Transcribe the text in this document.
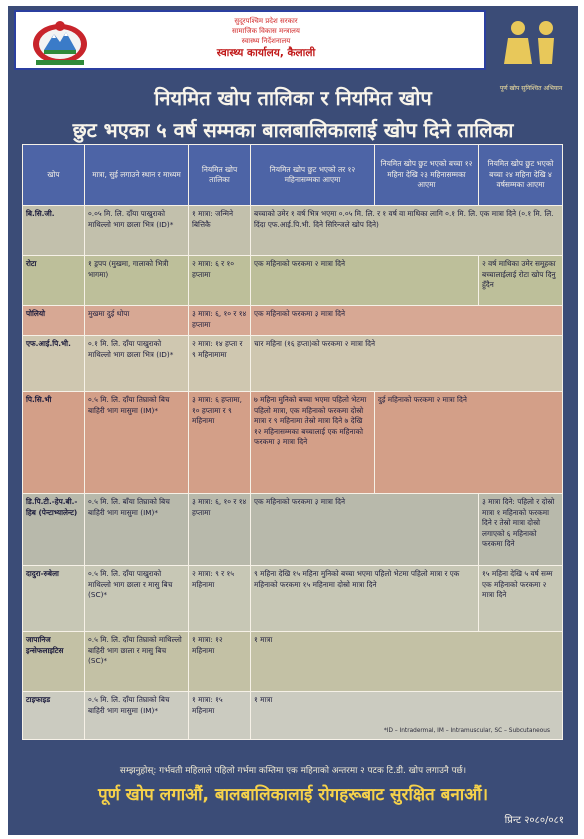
सुदूरपश्चिम प्रदेश सरकार
सामाजिक विकास मन्त्रालय
स्वास्थ्य निर्देशनालय
स्वास्थ्य कार्यालय, कैलाली
पूर्ण खोप सुनिश्चित अभियान
नियमित खोप तालिका र नियमित खोप
छुट भएका ५ वर्ष सम्मका बालबालिकालाई खोप दिने तालिका
खोप	मात्रा, सुई लगाउने स्थान र माध्यम	नियमित खोप तालिका	नियमित खोप छुट भएको तर १२ महिनासम्मका आएमा	नियमित खोप छुट भएको बच्चा १२ महिना देखि २३ महिनासम्मका आएमा	नियमित खोप छुट भएको बच्चा २४ महिना देखि ४ वर्षसम्मका आएमा
बि.सि.जी.	०.०५ मि. लि. दाँया पाखुराको माथिल्लो भाग छाला भित्र (ID)*	१ मात्रा: जन्मिने बित्तिकै	बच्चाको उमेर १ वर्ष भित्र भएमा ०.०५ मि. लि. र १ वर्ष वा माथिका लागि ०.१ मि. लि. एक मात्रा दिने (०.१ मि. लि. दिंदा एफ.आई.पि.भी. दिने सिरिन्जले खोप दिने)		
रोटा	१ ड्रपप (मुखमा, गालाको भित्री भागमा)	२ मात्रा: ६ र १० हप्तामा	एक महिनाको फरकमा २ मात्रा दिने		२ वर्ष माथिका उमेर समूहका बच्चालाईलाई रोटा खोप दिनु हुँदैन
पोलियो	मुखमा दुई थोपा	३ मात्रा: ६, १० र १४ हप्तामा	एक महिनाको फरकमा ३ मात्रा दिने		
एफ.आई.पि.भी.	०.१ मि. लि. दाँया पाखुराको माथिल्लो भाग छाला भित्र (ID)*	२ मात्रा: १४ हप्ता र ९ महिनामामा	चार महिना (१६ हप्ता)को फरकमा २ मात्रा दिने		
पि.सि.भी	०.५ मि. लि. दाँया तिघ्राको बिच बाहिरी भाग मासुमा (IM)*	३ मात्रा: ६ हप्तामा, १० हप्तामा र ९ महिनामा	७ महिना मुनिको बच्चा भएमा पहिलो भेटमा पहिलो मात्रा, एक महिनाको फरकमा दोस्रो मात्रा र ९ महिनामा तेस्रो मात्रा दिने ७ देखि १२ महिनासम्मका बच्चालाई एक महिनाको फरकमा ३ मात्रा दिने	दुई महिनाको फरकमा २ मात्रा दिने	
डि.पि.टी.-हेप.बी.-हिब (पेन्टाभ्यालेन्ट)	०.५ मि. लि. बाँया तिघ्राको बिच बाहिरी भाग मासुमा (IM)*	३ मात्रा: ६, १० र १४ हप्तामा	एक महिनाको फरकमा ३ मात्रा दिने		३ मात्रा दिने: पहिलो र दोस्रो मात्रा १ महिनाको फरकमा दिने र तेस्रो मात्रा दोस्रो लगाएको ६ महिनाको फरकमा दिने
दादुरा-रुबेला	०.५ मि. लि. दाँया पाखुराको माथिल्लो भाग छाला र मासु बिच (SC)*	२ मात्रा: ९ र १५ महिनामा	९ महिना देखि १५ महिना मुनिको बच्चा भएमा पहिलो भेटमा पहिलो मात्रा र एक महिनाको फरकमा १५ महिनामा दोस्रो मात्रा दिने		१५ महिना देखि ५ वर्ष सम्म एक महिनाको फरकमा २ मात्रा दिने
जापानिज इन्सेफलाइटिस	०.५ मि. लि. दाँया तिघ्राको माथिल्लो बाहिरी भाग छाला र मासु बिच (SC)*	१ मात्रा: १२ महिनामा	१ मात्रा		
टाइफाइड	०.५ मि. लि. दाँया तिघ्राको बिच बाहिरी भाग मासुमा (IM)*	१ मात्रा: १५ महिनामा	१ मात्रा
*ID – Intradermal, IM – Intramuscular, SC – Subcutaneous		
सम्झनुहोस्: गर्भवती महिलाले पहिलो गर्भमा कम्तिमा एक महिनाको अन्तरमा २ पटक टि.डी. खोप लगाउनै पर्छ।
पूर्ण खोप लगाऔं, बालबालिकालाई रोगहरूबाट सुरक्षित बनाऔं।
प्रिन्ट २०८०/०८१
